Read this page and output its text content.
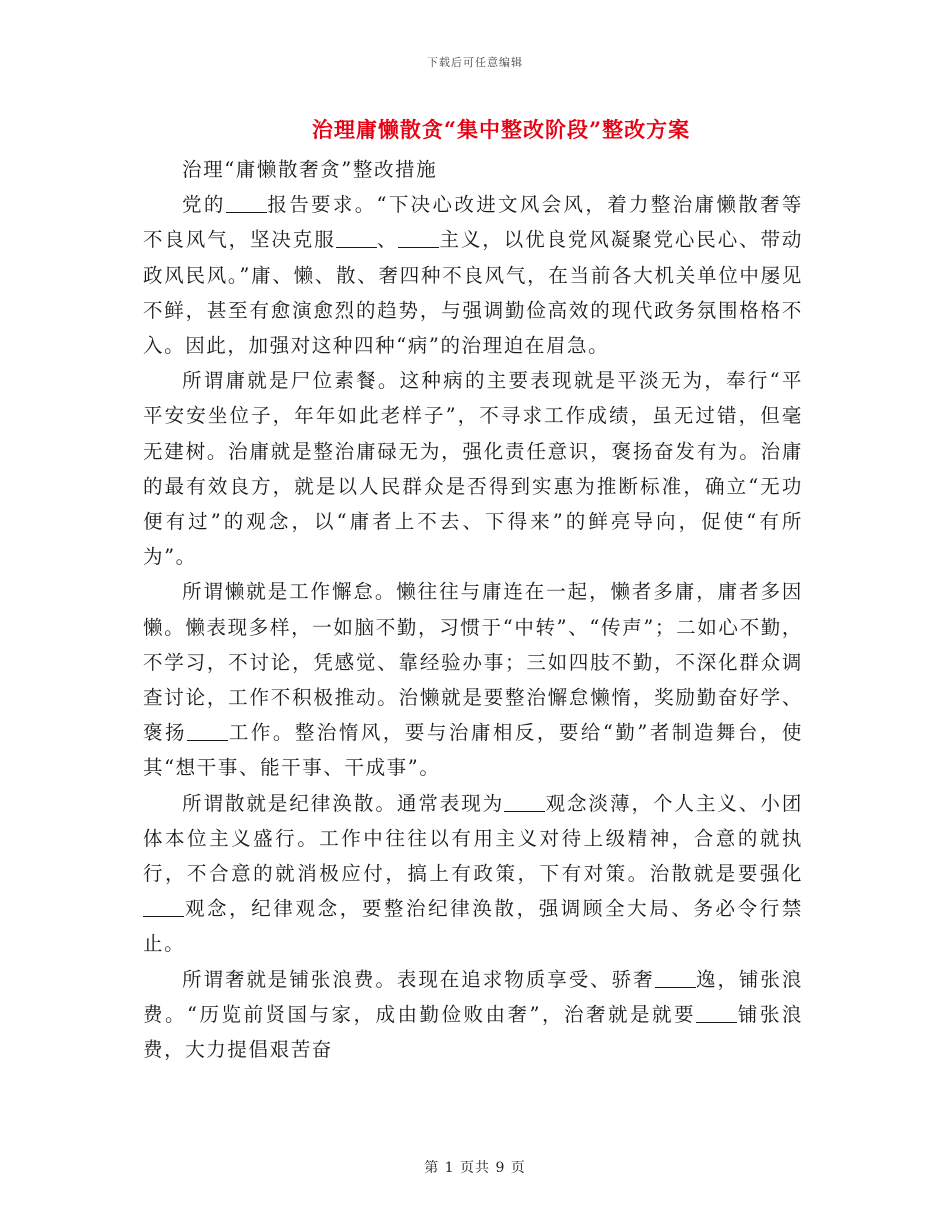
下载后可任意编辑
治理庸懒散贪“集中整改阶段”整改方案

治理“庸懒散奢贪”整改措施

党的 报告要求。“下决心改进文风会风，着力整治庸懒散奢等不良风气，坚决克服 、 主义，以优良党风凝聚党心民心、带动政风民风。”庸、懒、散、奢四种不良风气，在当前各大机关单位中屡见不鲜，甚至有愈演愈烈的趋势，与强调勤俭高效的现代政务氛围格格不入。因此，加强对这种四种“病”的治理迫在眉急。

所谓庸就是尸位素餐。这种病的主要表现就是平淡无为，奉行“平平安安坐位子，年年如此老样子”，不寻求工作成绩，虽无过错，但毫无建树。治庸就是整治庸碌无为，强化责任意识，褒扬奋发有为。治庸的最有效良方，就是以人民群众是否得到实惠为推断标准，确立“无功便有过”的观念，以“庸者上不去、下得来”的鲜亮导向，促使“有所为”。

所谓懒就是工作懈怠。懒往往与庸连在一起，懒者多庸，庸者多因懒。懒表现多样，一如脑不勤，习惯于“中转”、“传声”；二如心不勤，不学习，不讨论，凭感觉、靠经验办事；三如四肢不勤，不深化群众调查讨论，工作不积极推动。治懒就是要整治懈怠懒惰，奖励勤奋好学、褒扬 工作。整治惰风，要与治庸相反，要给“勤”者制造舞台，使其“想干事、能干事、干成事”。

所谓散就是纪律涣散。通常表现为 观念淡薄，个人主义、小团体本位主义盛行。工作中往往以有用主义对待上级精神，合意的就执行，不合意的就消极应付，搞上有政策，下有对策。治散就是要强化观念，纪律观念，要整治纪律涣散，强调顾全大局、务必令行禁止。

所谓奢就是铺张浪费。表现在追求物质享受、骄奢 逸，铺张浪费。“历览前贤国与家，成由勤俭败由奢”，治奢就是就要 铺张浪费，大力提倡艰苦奋

第 1 页共 9 页
